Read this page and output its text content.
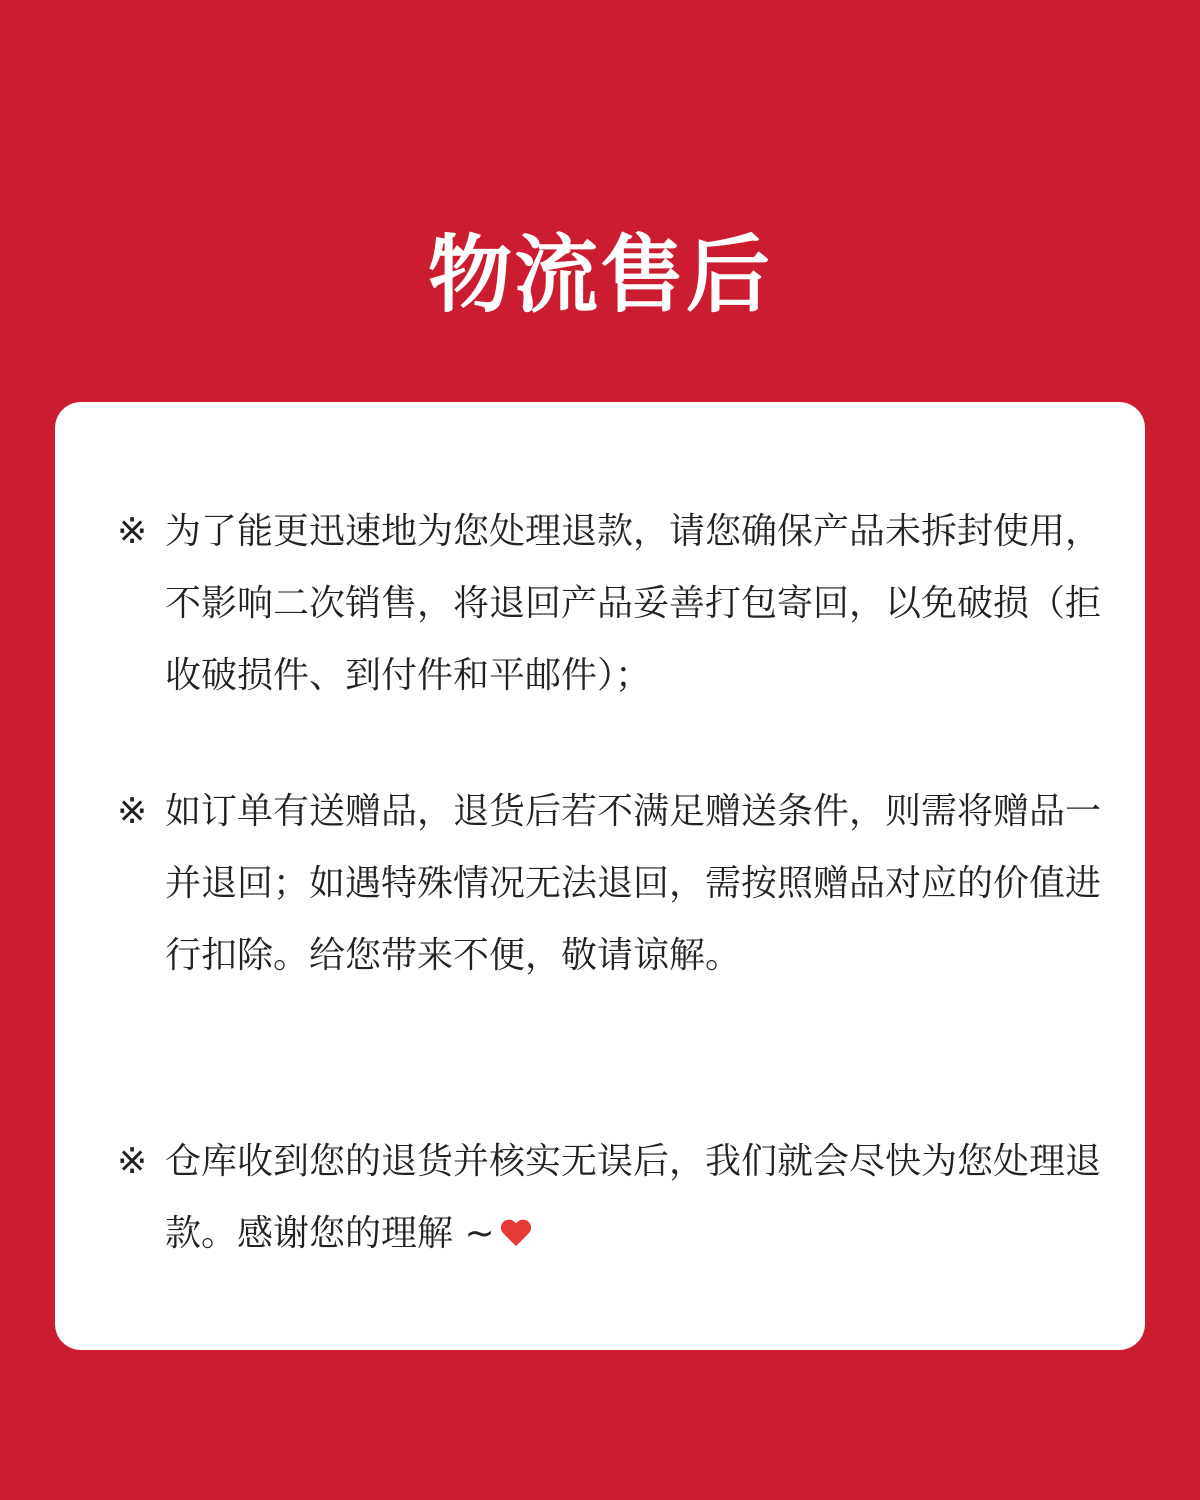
物流售后
※ 为了能更迅速地为您处理退款，请您确保产品未拆封使用，不影响二次销售，将退回产品妥善打包寄回，以免破损（拒收破损件、到付件和平邮件）；
※ 如订单有送赠品，退货后若不满足赠送条件，则需将赠品一并退回；如遇特殊情况无法退回，需按照赠品对应的价值进行扣除。给您带来不便，敬请谅解。
※ 仓库收到您的退货并核实无误后，我们就会尽快为您处理退款。感谢您的理解 ~
